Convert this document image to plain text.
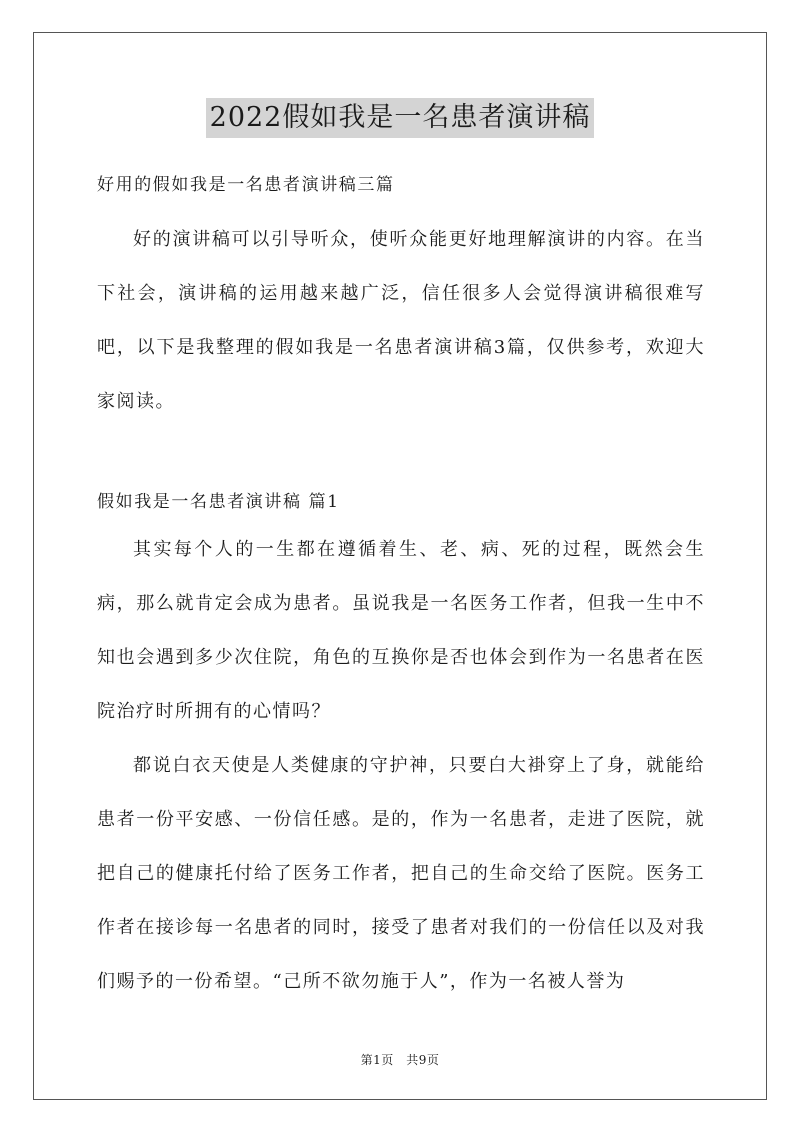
2022假如我是一名患者演讲稿
好用的假如我是一名患者演讲稿三篇

好的演讲稿可以引导听众，使听众能更好地理解演讲的内容。在当下社会，演讲稿的运用越来越广泛，信任很多人会觉得演讲稿很难写吧，以下是我整理的假如我是一名患者演讲稿3篇，仅供参考，欢迎大家阅读。

假如我是一名患者演讲稿 篇1

其实每个人的一生都在遵循着生、老、病、死的过程，既然会生病，那么就肯定会成为患者。虽说我是一名医务工作者，但我一生中不知也会遇到多少次住院，角色的互换你是否也体会到作为一名患者在医院治疗时所拥有的心情吗？

都说白衣天使是人类健康的守护神，只要白大褂穿上了身，就能给患者一份平安感、一份信任感。是的，作为一名患者，走进了医院，就把自己的健康托付给了医务工作者，把自己的生命交给了医院。医务工作者在接诊每一名患者的同时，接受了患者对我们的一份信任以及对我们赐予的一份希望。“己所不欲勿施于人”，作为一名被人誉为

第1页　共9页
